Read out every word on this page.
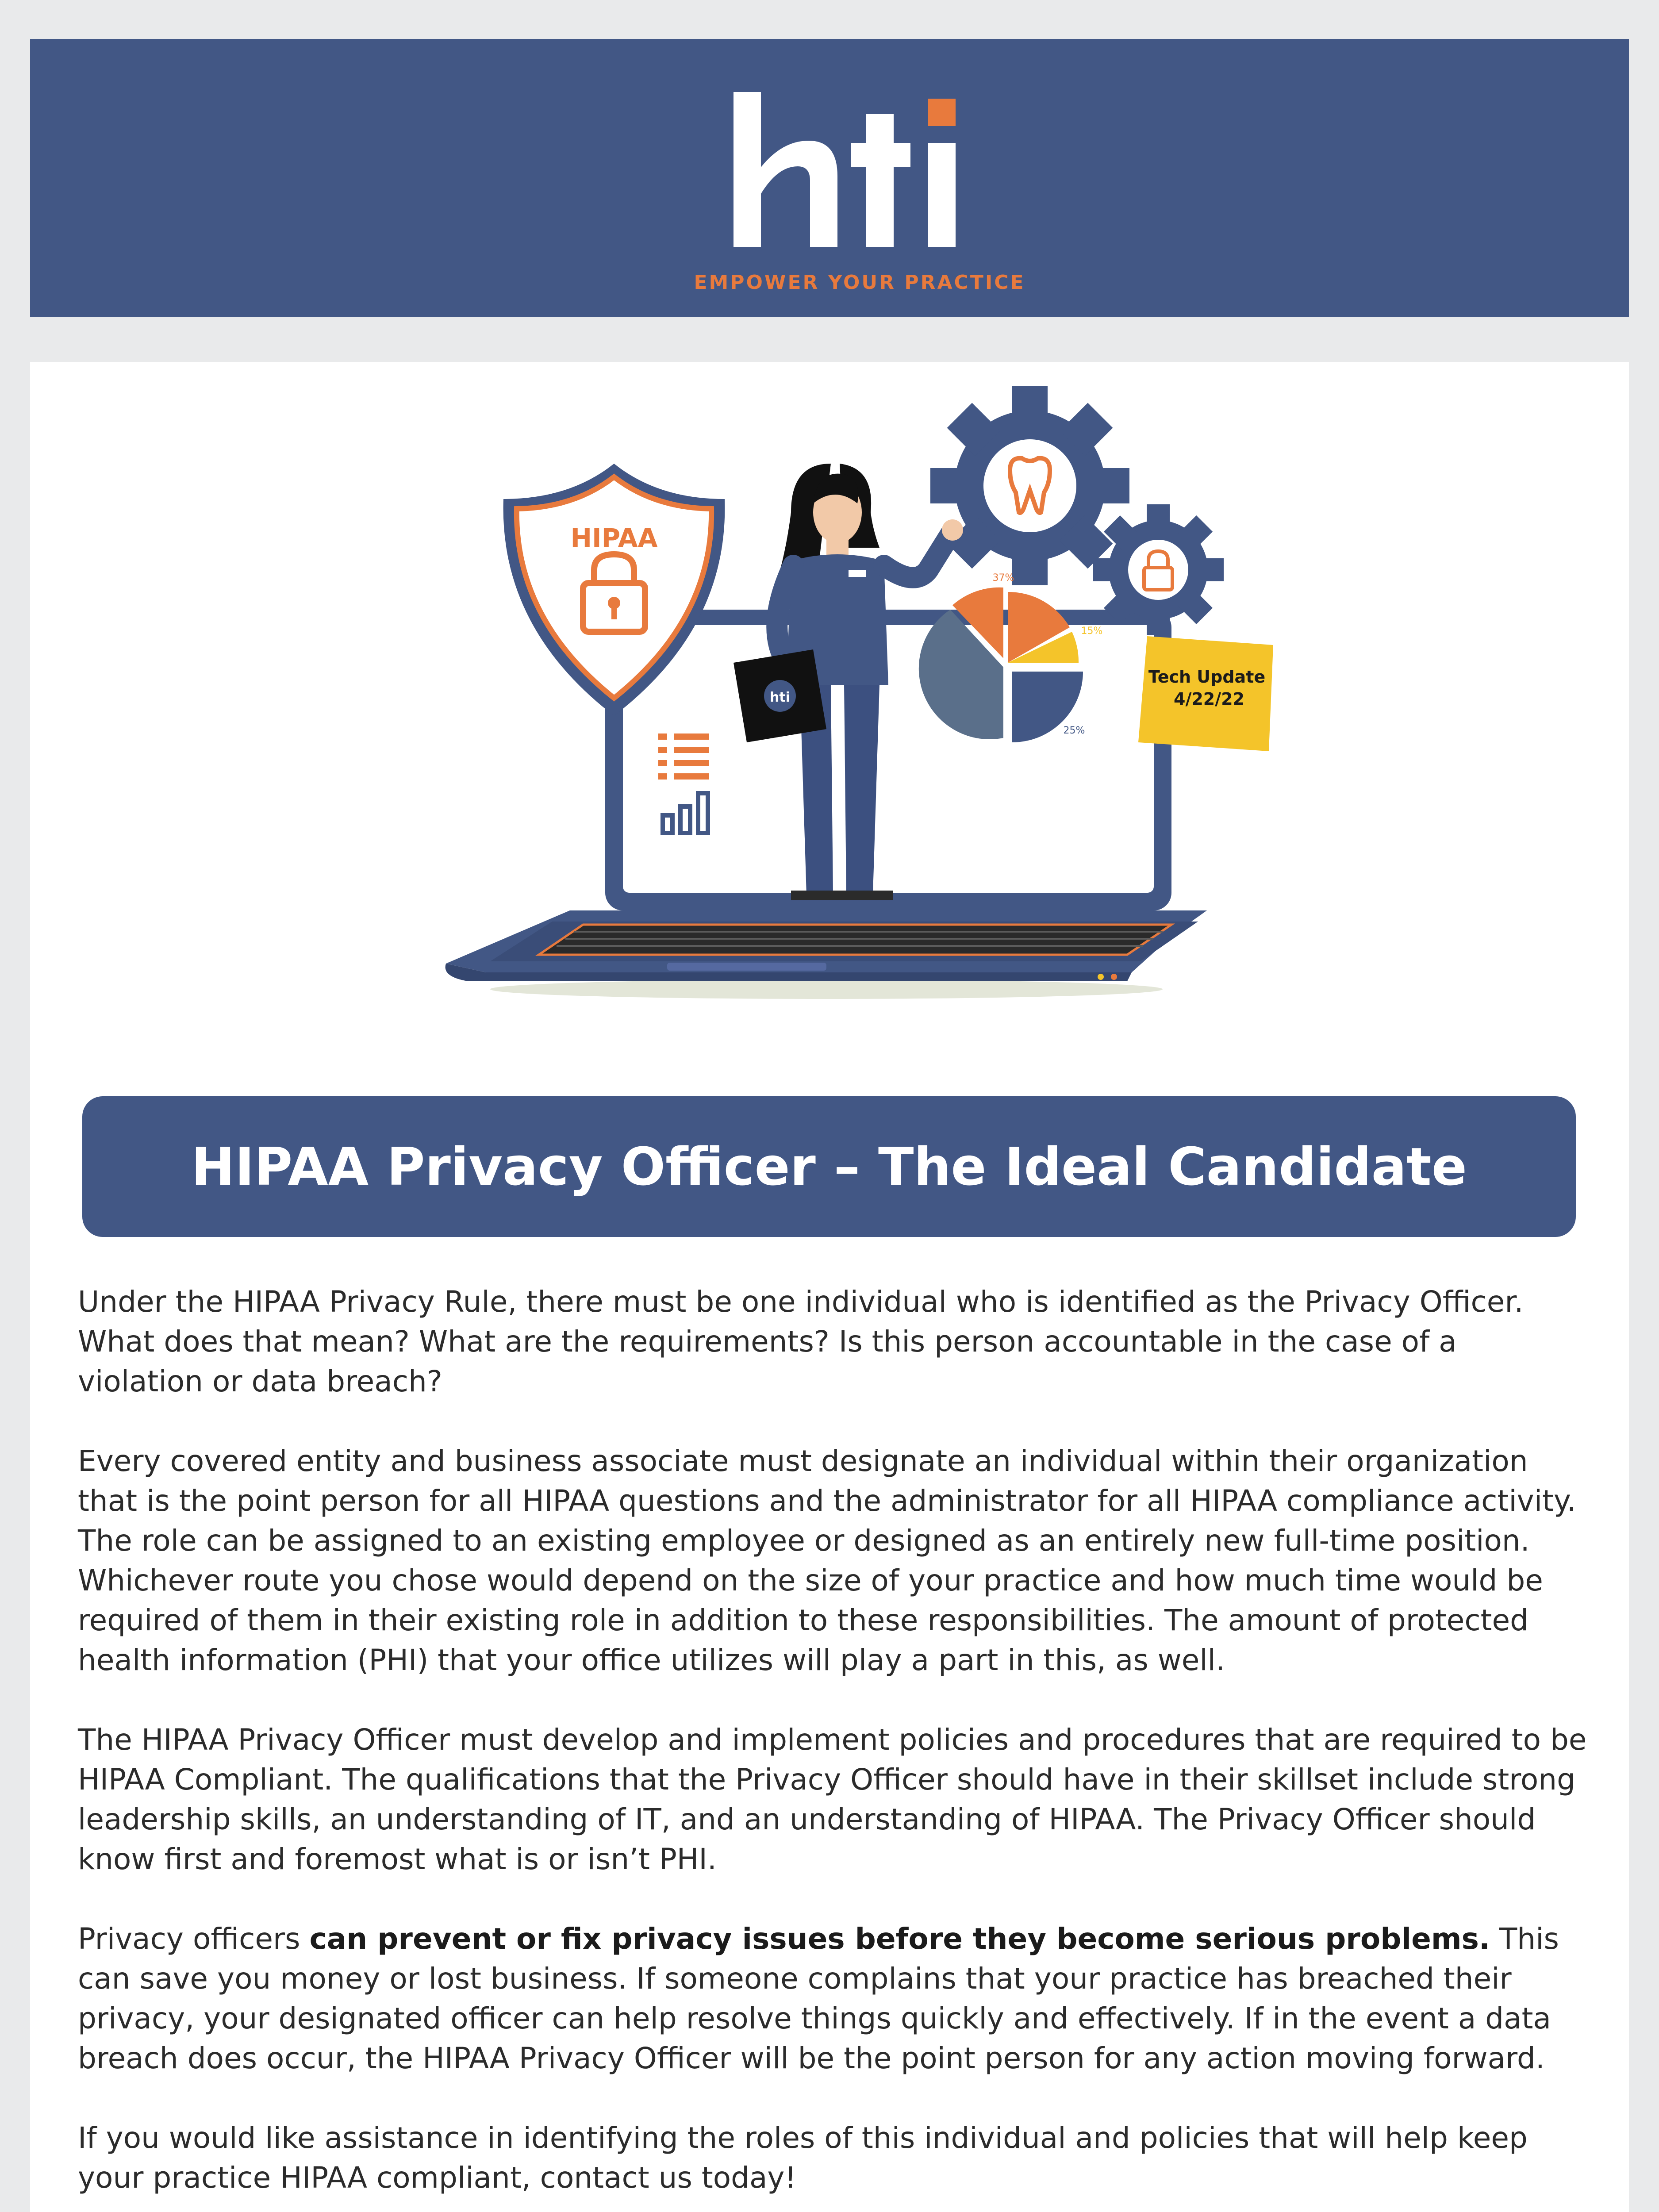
EMPOWER YOUR PRACTICE
HIPAA
hti
37%
15%
25%
Tech Update
4/22/22
HIPAA Privacy Officer – The Ideal Candidate

Under the HIPAA Privacy Rule, there must be one individual who is identified as the Privacy Officer. What does that mean? What are the requirements? Is this person accountable in the case of a violation or data breach?

Every covered entity and business associate must designate an individual within their organization that is the point person for all HIPAA questions and the administrator for all HIPAA compliance activity. The role can be assigned to an existing employee or designed as an entirely new full-time position. Whichever route you chose would depend on the size of your practice and how much time would be required of them in their existing role in addition to these responsibilities. The amount of protected health information (PHI) that your office utilizes will play a part in this, as well.

The HIPAA Privacy Officer must develop and implement policies and procedures that are required to be HIPAA Compliant. The qualifications that the Privacy Officer should have in their skillset include strong leadership skills, an understanding of IT, and an understanding of HIPAA. The Privacy Officer should know first and foremost what is or isn’t PHI.

Privacy officers can prevent or fix privacy issues before they become serious problems. This can save you money or lost business. If someone complains that your practice has breached their privacy, your designated officer can help resolve things quickly and effectively. If in the event a data breach does occur, the HIPAA Privacy Officer will be the point person for any action moving forward.

If you would like assistance in identifying the roles of this individual and policies that will help keep your practice HIPAA compliant, contact us today!
